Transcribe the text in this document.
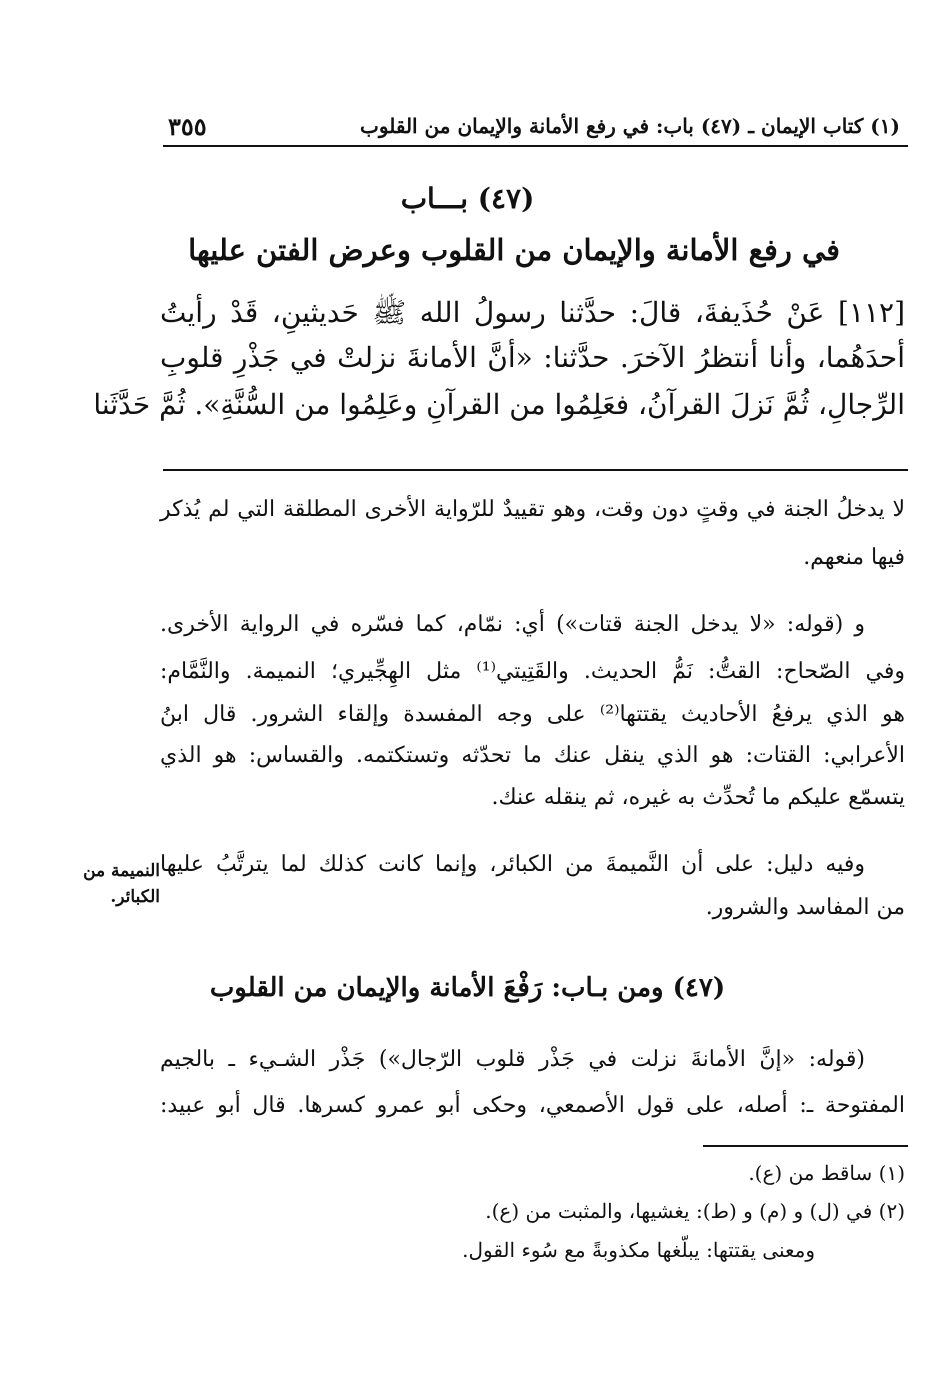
٣٥٥	(١) كتاب الإيمان ـ (٤٧) باب: في رفع الأمانة والإيمان من القلوب
(٤٧) بـــاب
في رفع الأمانة والإيمان من القلوب وعرض الفتن عليها
[١١٢] عَنْ حُذَيفةَ، قالَ: حدَّثنا رسولُ الله ﷺ حَديثينِ، قَدْ رأيتُ
أحدَهُما، وأنا أنتظرُ الآخرَ. حدَّثنا: «أنَّ الأمانةَ نزلتْ في جَذْرِ قلوبِ
الرِّجالِ، ثُمَّ نَزلَ القرآنُ، فعَلِمُوا من القرآنِ وعَلِمُوا من السُّنَّةِ». ثُمَّ حَدَّثَنا
لا يدخلُ الجنة في وقتٍ دون وقت، وهو تقييدٌ للرّواية الأخرى المطلقة التي لم يُذكر
فيها منعهم.
و (قوله: «لا يدخل الجنة قتات») أي: نمّام، كما فسّره في الرواية الأخرى.
وفي الصّحاح: القتُّ: نَمُّ الحديث. والقَتِيتي⁽¹⁾ مثل الهِجِّيري؛ النميمة. والنَّمَّام:
هو الذي يرفعُ الأحاديث يقتتها⁽²⁾ على وجه المفسدة وإلقاء الشرور. قال ابنُ
الأعرابي: القتات: هو الذي ينقل عنك ما تحدّثه وتستكتمه. والقساس: هو الذي
يتسمّع عليكم ما تُحدِّث به غيره، ثم ينقله عنك.
وفيه دليل: على أن النَّميمةَ من الكبائر، وإنما كانت كذلك لما يترتَّبُ عليها
من المفاسد والشرور.
النميمة من الكبائر.
(٤٧) ومن بـاب: رَفْعَ الأمانة والإيمان من القلوب
(قوله: «إنَّ الأمانةَ نزلت في جَذْر قلوب الرّجال») جَذْر الشـيء ـ بالجيم
المفتوحة ـ: أصله، على قول الأصمعي، وحكى أبو عمرو كسرها. قال أبو عبيد:
(١) ساقط من (ع).
(٢) في (ل) و (م) و (ط): يغشيها، والمثبت من (ع).
ومعنى يقتتها: يبلّغها مكذوبةً مع سُوء القول.
